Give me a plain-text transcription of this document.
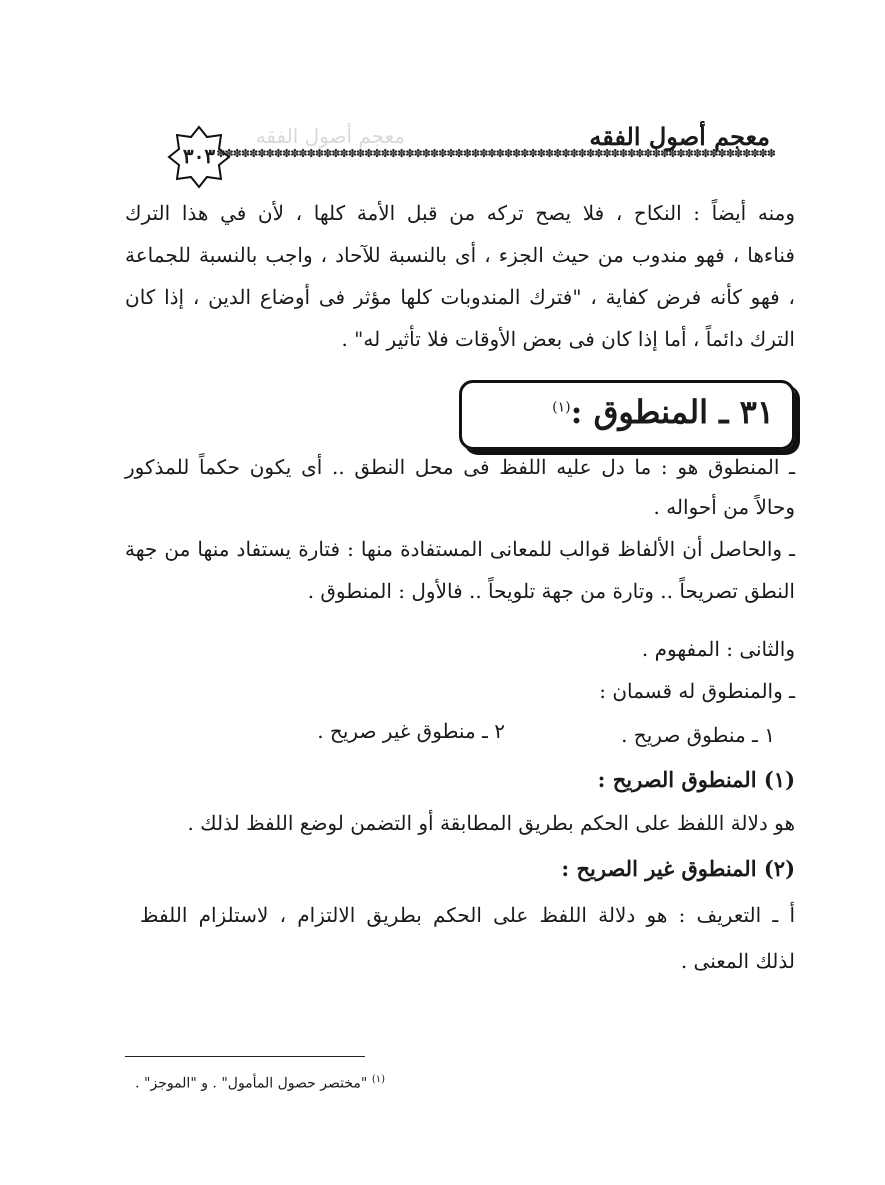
معجم أصول الفقه
معجم أصول الفقه
٣٠٣ ✽✽✽✽✽✽✽✽✽✽✽✽✽✽✽✽✽✽✽✽✽✽✽✽✽✽✽✽✽✽✽✽✽✽✽✽✽✽✽✽✽✽✽✽✽✽✽✽✽✽✽✽✽✽✽✽✽✽✽✽✽✽✽✽✽✽✽✽
ومنه أيضاً : النكاح ، فلا يصح تركه من قبل الأمة كلها ، لأن في هذا الترك
فناءها ، فهو مندوب من حيث الجزء ، أى بالنسبة للآحاد ، واجب بالنسبة للجماعة
، فهو كأنه فرض كفاية ، "فترك المندوبات كلها مؤثر فى أوضاع الدين ، إذا كان
الترك دائماً ، أما إذا كان فى بعض الأوقات فلا تأثير له" .
٣١ ـ المنطوق :$^{(١)}$
ـ المنطوق هو : ما دل عليه اللفظ فى محل النطق .. أى يكون حكماً للمذكور
وحالاً من أحواله .
ـ والحاصل أن الألفاظ قوالب للمعانى المستفادة منها : فتارة يستفاد منها من جهة
النطق تصريحاً .. وتارة من جهة تلويحاً .. فالأول : المنطوق .
والثانى : المفهوم .
ـ والمنطوق له قسمان :
١ ـ منطوق صريح .
٢ ـ منطوق غير صريح .
(١) المنطوق الصريح :
هو دلالة اللفظ على الحكم بطريق المطابقة أو التضمن لوضع اللفظ لذلك .
(٢) المنطوق غير الصريح :
أ ـ التعريف : هو دلالة اللفظ على الحكم بطريق الالتزام ، لاستلزام اللفظ
لذلك المعنى .
$^{(١)}$ "مختصر حصول المأمول" . و "الموجز" .
